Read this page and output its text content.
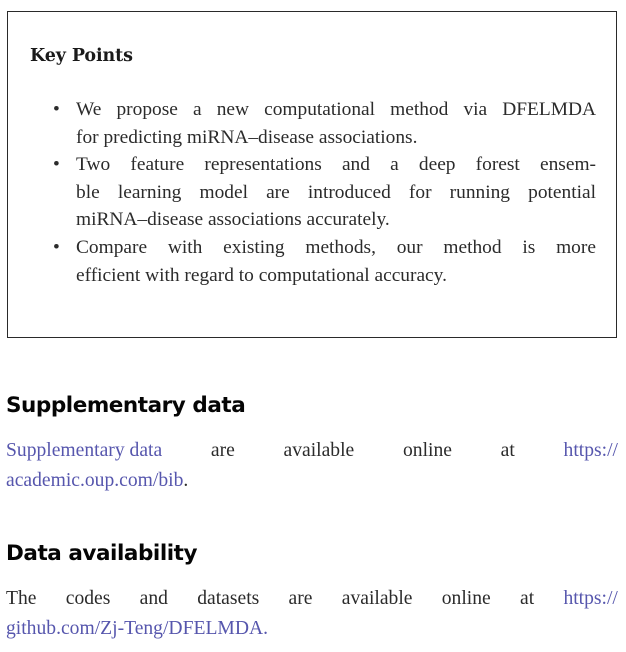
Key Points
• We propose a new computational method via DFELMDA
for predicting miRNA–disease associations.
• Two feature representations and a deep forest ensem-
ble learning model are introduced for running potential
miRNA–disease associations accurately.
• Compare with existing methods, our method is more
efficient with regard to computational accuracy.
Supplementary data

Supplementary data are available online at https://
academic.oup.com/bib.

Data availability

The codes and datasets are available online at https://
github.com/Zj-Teng/DFELMDA.
